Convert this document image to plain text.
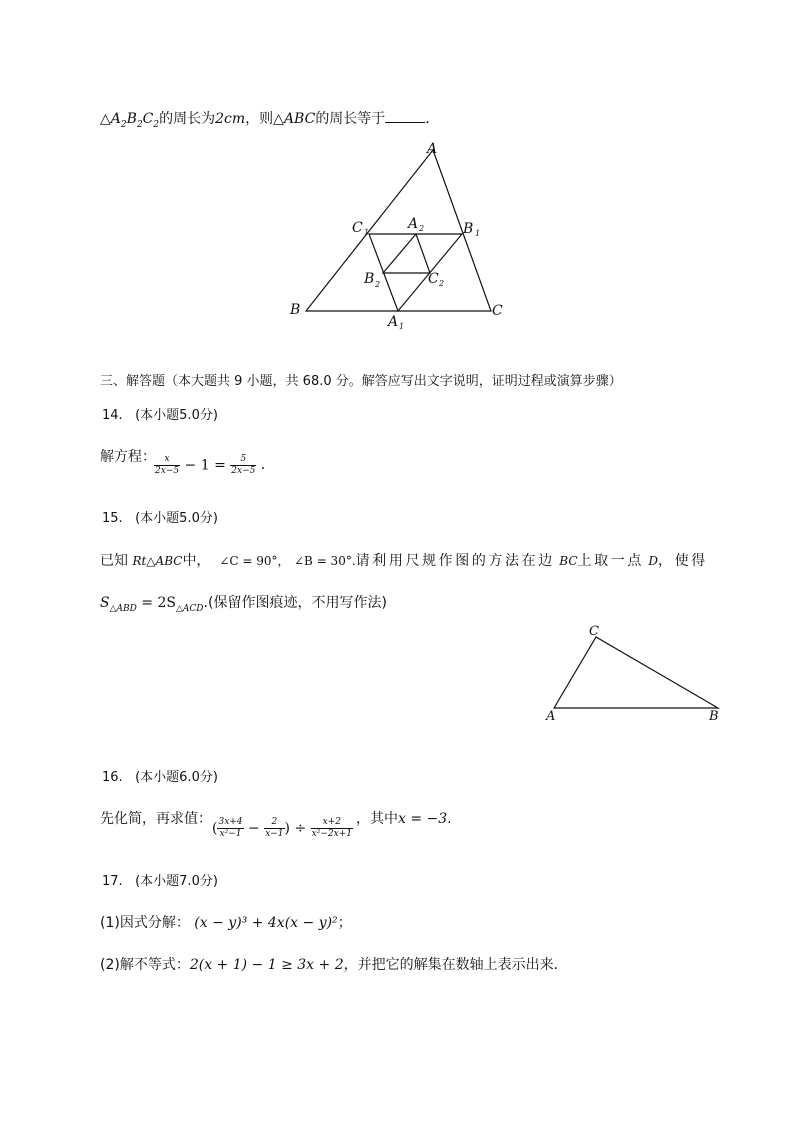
$\triangle A_2B_2C_2$的周长为2cm，则△ABC的周长等于	．
A
B	C
C 1	B 1
A 1
A 2
B 2	C 2
三、解答题（本大题共 9 小题，共 68.0 分。解答应写出文字说明，证明过程或演算步骤）
14. (本小题5.0分)
解方程：
$\frac{x}{2x-5} - 1 = \frac{5}{2x-5}$ ．
15. (本小题5.0分)
已知 Rt△ABC中， ∠C = 90°， ∠B = 30°.请利用尺规作图的方法在边 BC上取一点 D，使得
$S_{\triangle ABD} = 2S_{\triangle ACD}$.(保留作图痕迹，不用写作法)
C
A	B
16. (本小题6.0分)
先化简，再求值：
( $\frac{3x+4}{\text{x²−1}} - \frac{2}{x-1}$ ) ÷ $\frac{x+2}{\text{x²−2x+1}}$ ，其中x = −3.
17. (本小题7.0分)
(1)因式分解： (x − y)³ + 4x(x − y)²；
(2)解不等式：2(x + 1) − 1 ≥ 3x + 2，并把它的解集在数轴上表示出来．
